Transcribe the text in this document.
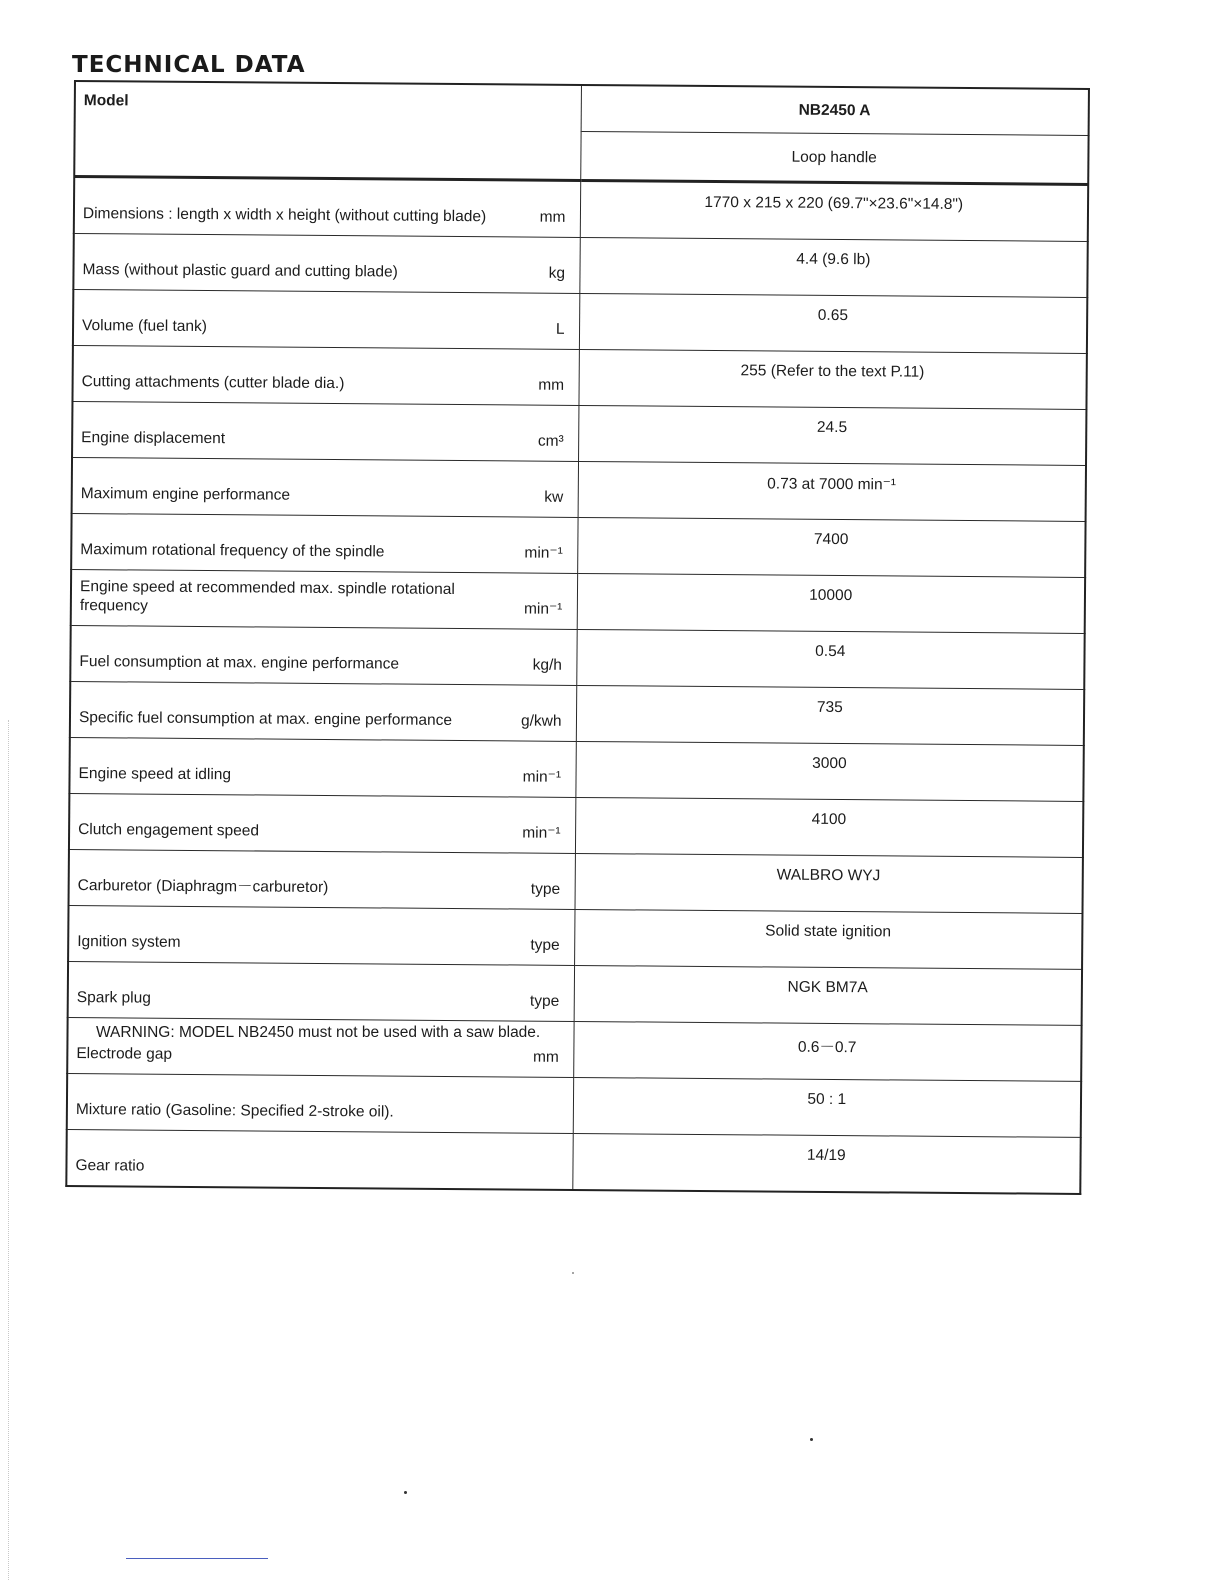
TECHNICAL DATA
Model	NB2450 A
	Loop handle

Dimensions : length x width x height (without cutting blade) mm	1770 x 215 x 220 (69.7"×23.6"×14.8")

Mass (without plastic guard and cutting blade) kg	4.4 (9.6 lb)

Volume (fuel tank) L	0.65

Cutting attachments (cutter blade dia.) mm	255 (Refer to the text P.11)

Engine displacement cm³	24.5

Maximum engine performance kw	0.73 at 7000 min⁻¹

Maximum rotational frequency of the spindle min⁻¹	7400

Engine speed at recommended max. spindle rotational frequency min⁻¹	10000

Fuel consumption at max. engine performance kg/h	0.54

Specific fuel consumption at max. engine performance g/kwh	735

Engine speed at idling min⁻¹	3000

Clutch engagement speed min⁻¹	4100

Carburetor (Diaphragm－carburetor) type	WALBRO WYJ

Ignition system type	Solid state ignition

Spark plug type	NGK BM7A

Electrode gap mm	0.6－0.7

Mixture ratio (Gasoline: Specified 2-stroke oil).	50 : 1

Gear ratio	14/19

WARNING: MODEL NB2450 must not be used with a saw blade.
